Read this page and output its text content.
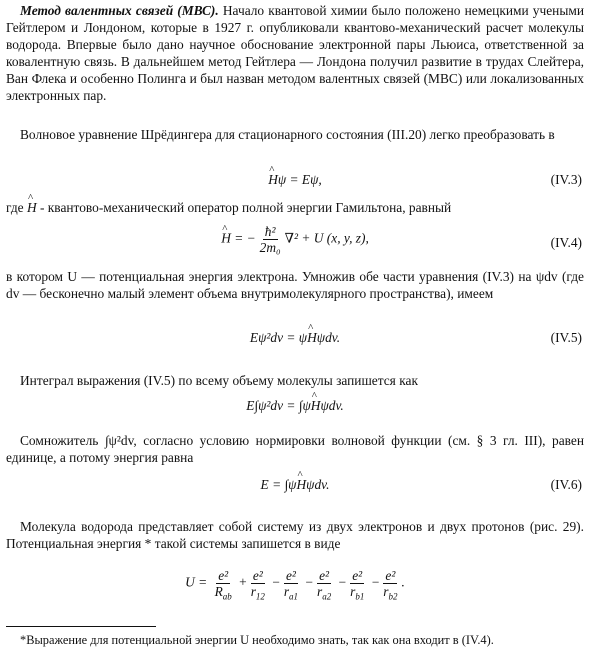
Метод валентных связей (МВС). Начало квантовой химии было положено немецкими учеными Гейтлером и Лондоном, которые в 1927 г. опубликовали квантово-механический расчет молекулы водорода. Впервые было дано научное обоснование электронной пары Льюиса, ответственной за ковалентную связь. В дальнейшем метод Гейтлера — Лондона получил развитие в трудах Слейтера, Ван Флека и особенно Полинга и был назван методом валентных связей (МВС) или локализованных электронных пар.

Волновое уравнение Шрёдингера для стационарного состояния (III.20) легко преобразовать в

^ Hψ = Eψ,	(IV.3)

где ^ H - квантово-механический оператор полной энергии Гамильтона, равный

H = − $\frac{\text{ħ²}}{\text{2m₀}} \nabla^2 + U$ (x, y, z),	(IV.4)

в котором U — потенциальная энергия электрона. Умножив обе части уравнения (IV.3) на ψdv (где dv — бесконечно малый элемент объема внутримолекулярного пространства), имеем

Eψ²dv = ψ^ Hψdv.	(IV.5)

Интеграл выражения (IV.5) по всему объему молекулы запишется как

E∫ψ²dv = ∫ψ^ Hψdv.

Сомножитель ∫ψ²dv, согласно условию нормировки волновой функции (см. § 3 гл. III), равен единице, а потому энергия равна

E = ∫ψ^ Hψdv.	(IV.6)

Молекула водорода представляет собой систему из двух электронов и двух протонов (рис. 29). Потенциальная энергия * такой системы запишется в виде

$U = \frac{\text{e²}}{R_{ab}} + \frac{\text{e²}}{r_{12}} - \frac{\text{e²}}{r_{a1}} - \frac{\text{e²}}{r_{a2}} - \frac{\text{e²}}{r_{b1}} - \frac{\text{e²}}{r_{b2}}$ .

*Выражение для потенциальной энергии U необходимо знать, так как она входит в (IV.4).
